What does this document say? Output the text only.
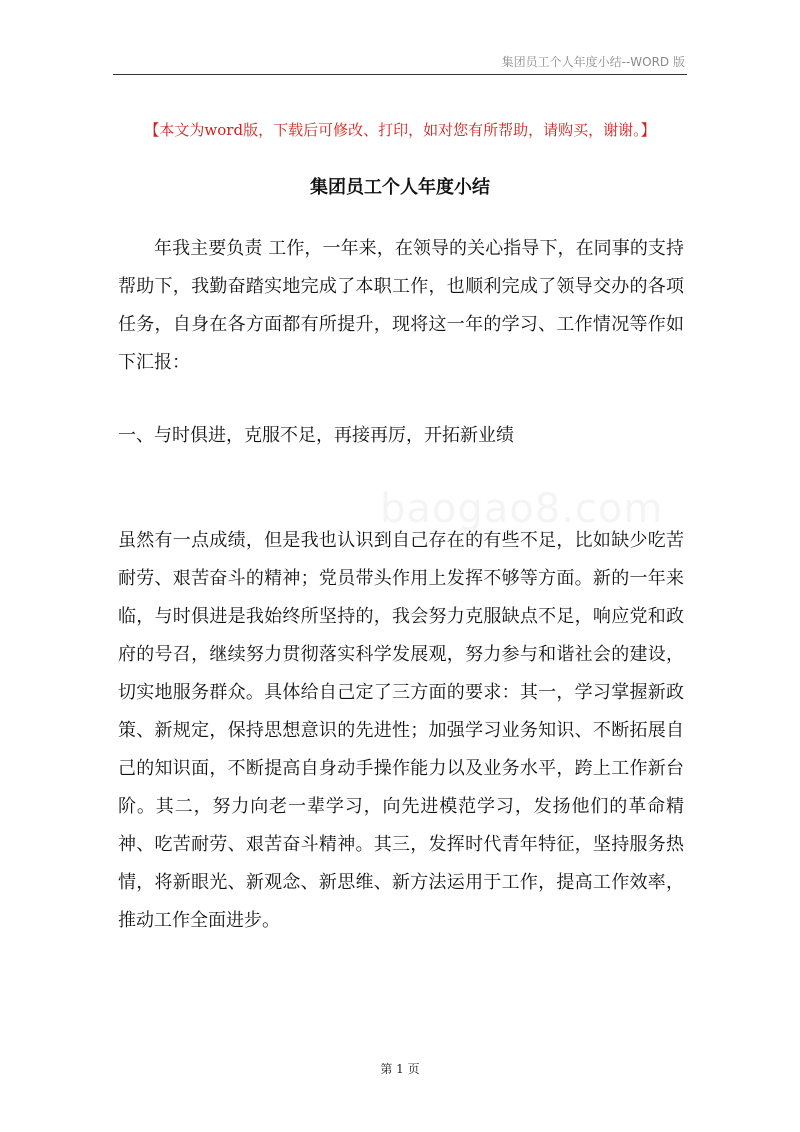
集团员工个人年度小结--WORD 版
【本文为word版，下载后可修改、打印，如对您有所帮助，请购买，谢谢。】
集团员工个人年度小结

年我主要负责 工作，一年来，在领导的关心指导下，在同事的支持帮助下，我勤奋踏实地完成了本职工作，也顺利完成了领导交办的各项任务，自身在各方面都有所提升，现将这一年的学习、工作情况等作如下汇报：

一、与时俱进，克服不足，再接再厉，开拓新业绩

baogao8.com

虽然有一点成绩，但是我也认识到自己存在的有些不足，比如缺少吃苦耐劳、艰苦奋斗的精神；党员带头作用上发挥不够等方面。新的一年来临，与时俱进是我始终所坚持的，我会努力克服缺点不足，响应党和政府的号召，继续努力贯彻落实科学发展观，努力参与和谐社会的建设，切实地服务群众。具体给自己定了三方面的要求：其一，学习掌握新政策、新规定，保持思想意识的先进性；加强学习业务知识、不断拓展自己的知识面，不断提高自身动手操作能力以及业务水平，跨上工作新台阶。其二，努力向老一辈学习，向先进模范学习，发扬他们的革命精神、吃苦耐劳、艰苦奋斗精神。其三，发挥时代青年特征，坚持服务热情，将新眼光、新观念、新思维、新方法运用于工作，提高工作效率，推动工作全面进步。

第 1 页
